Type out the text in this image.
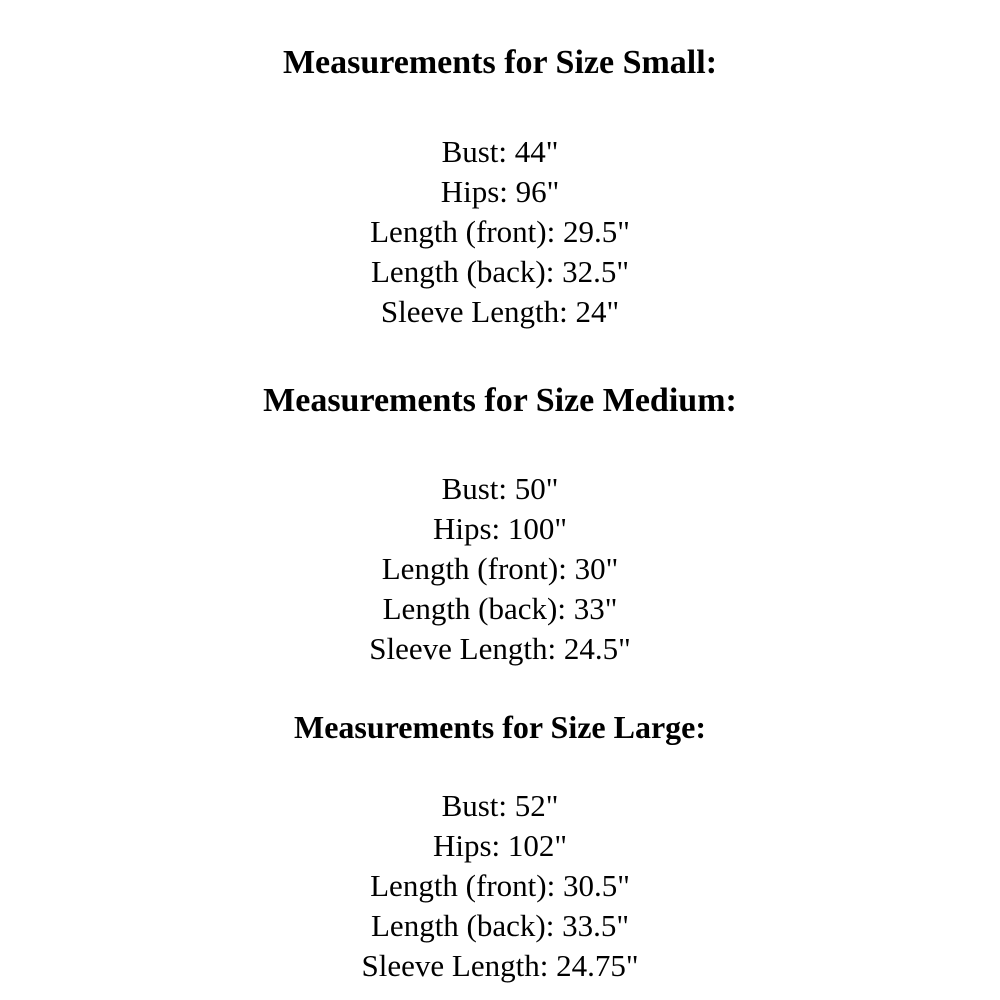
Measurements for Size Small:
Bust: 44"
Hips: 96"
Length (front): 29.5"
Length (back): 32.5"
Sleeve Length: 24"
Measurements for Size Medium:
Bust: 50"
Hips: 100"
Length (front): 30"
Length (back): 33"
Sleeve Length: 24.5"
Measurements for Size Large:
Bust: 52"
Hips: 102"
Length (front): 30.5"
Length (back): 33.5"
Sleeve Length: 24.75"
